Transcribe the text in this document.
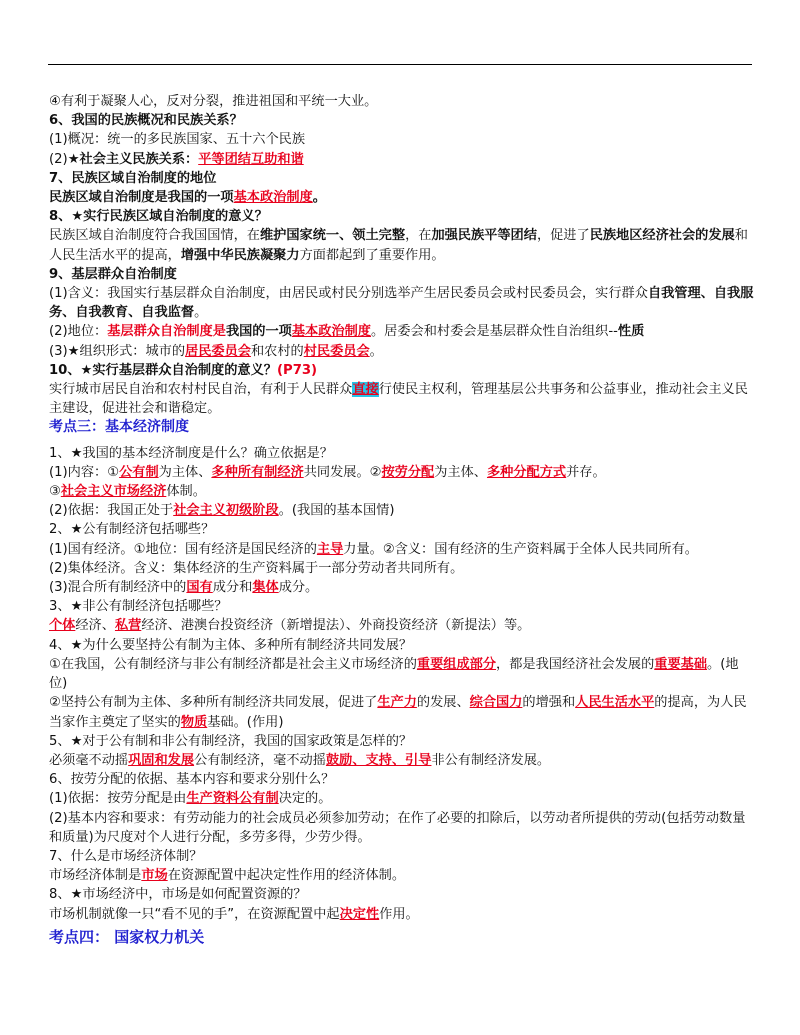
④有利于凝聚人心，反对分裂，推进祖国和平统一大业。
6、我国的民族概况和民族关系？
(1)概况：统一的多民族国家、五十六个民族
(2)★社会主义民族关系：平等团结互助和谐
7、民族区域自治制度的地位
民族区域自治制度是我国的一项基本政治制度。
8、★实行民族区域自治制度的意义？
民族区域自治制度符合我国国情，在维护国家统一、领土完整，在加强民族平等团结，促进了民族地区经济社会的发展和人民生活水平的提高，增强中华民族凝聚力方面都起到了重要作用。
9、基层群众自治制度
(1)含义：我国实行基层群众自治制度，由居民或村民分别选举产生居民委员会或村民委员会，实行群众自我管理、自我服务、自我教育、自我监督。
(2)地位：基层群众自治制度是我国的一项基本政治制度。居委会和村委会是基层群众性自治组织--性质
(3)★组织形式：城市的居民委员会和农村的村民委员会。
10、★实行基层群众自治制度的意义？(P73)
实行城市居民自治和农村村民自治，有利于人民群众直接行使民主权利，管理基层公共事务和公益事业，推动社会主义民主建设，促进社会和谐稳定。
考点三：基本经济制度
1、★我国的基本经济制度是什么？确立依据是？
(1)内容：①公有制为主体、多种所有制经济共同发展。②按劳分配为主体、多种分配方式并存。
③社会主义市场经济体制。
(2)依据：我国正处于社会主义初级阶段。(我国的基本国情)
2、★公有制经济包括哪些？
(1)国有经济。①地位：国有经济是国民经济的主导力量。②含义：国有经济的生产资料属于全体人民共同所有。
(2)集体经济。含义：集体经济的生产资料属于一部分劳动者共同所有。
(3)混合所有制经济中的国有成分和集体成分。
3、★非公有制经济包括哪些？
个体经济、私营经济、港澳台投资经济（新增提法）、外商投资经济（新提法）等。
4、★为什么要坚持公有制为主体、多种所有制经济共同发展？
①在我国，公有制经济与非公有制经济都是社会主义市场经济的重要组成部分，都是我国经济社会发展的重要基础。(地位)
②坚持公有制为主体、多种所有制经济共同发展，促进了生产力的发展、综合国力的增强和人民生活水平的提高，为人民当家作主奠定了坚实的物质基础。(作用)
5、★对于公有制和非公有制经济，我国的国家政策是怎样的？
必须毫不动摇巩固和发展公有制经济，毫不动摇鼓励、支持、引导非公有制经济发展。
6、按劳分配的依据、基本内容和要求分别什么？
(1)依据：按劳分配是由生产资料公有制决定的。
(2)基本内容和要求：有劳动能力的社会成员必须参加劳动；在作了必要的扣除后，以劳动者所提供的劳动(包括劳动数量和质量)为尺度对个人进行分配，多劳多得，少劳少得。
7、什么是市场经济体制？
市场经济体制是市场在资源配置中起决定性作用的经济体制。
8、★市场经济中，市场是如何配置资源的？
市场机制就像一只“看不见的手”，在资源配置中起决定性作用。
考点四： 国家权力机关
